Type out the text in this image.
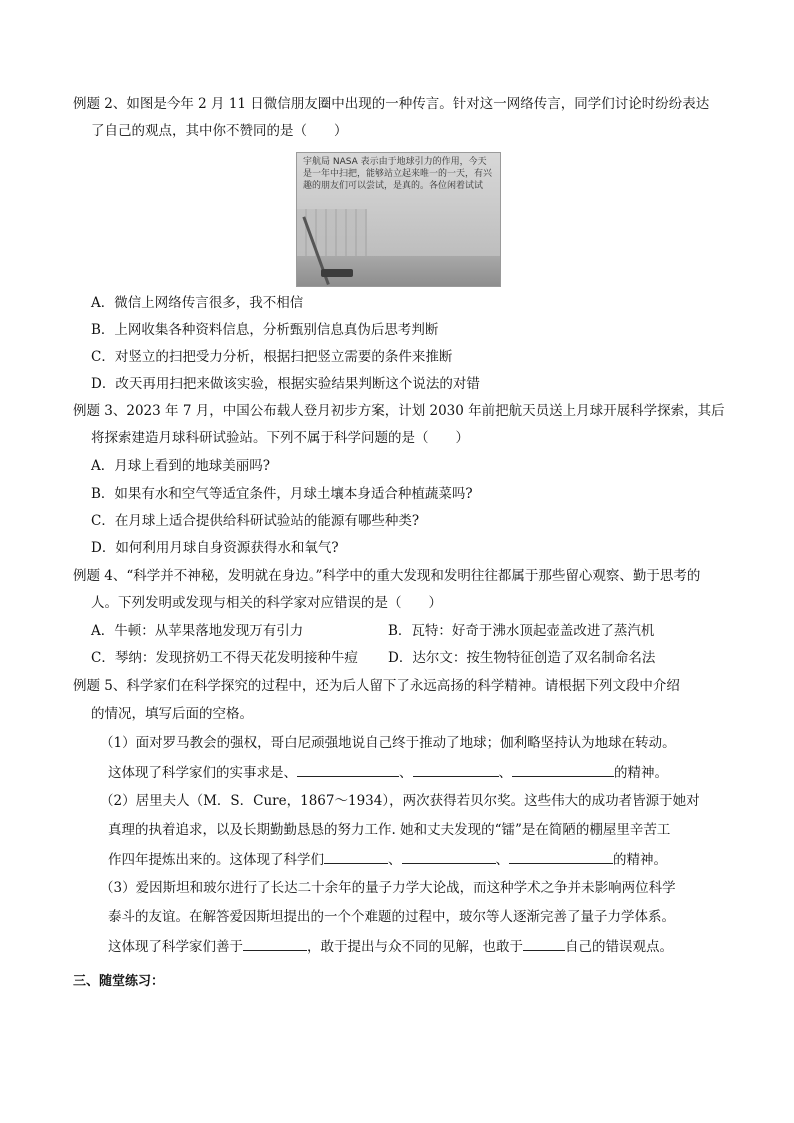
例题 2、如图是今年 2 月 11 日微信朋友圈中出现的一种传言。针对这一网络传言，同学们讨论时纷纷表达
了自己的观点，其中你不赞同的是（　　）
宇航局 NASA 表示由于地球引力的作用，今天是一年中扫把，能够站立起来唯一的一天，有兴趣的朋友们可以尝试，是真的。各位闲着试试
A．微信上网络传言很多，我不相信
B．上网收集各种资料信息，分析甄别信息真伪后思考判断
C．对竖立的扫把受力分析，根据扫把竖立需要的条件来推断
D．改天再用扫把来做该实验，根据实验结果判断这个说法的对错
例题 3、2023 年 7 月，中国公布载人登月初步方案，计划 2030 年前把航天员送上月球开展科学探索，其后
将探索建造月球科研试验站。下列不属于科学问题的是（　　）
A．月球上看到的地球美丽吗?
B．如果有水和空气等适宜条件，月球土壤本身适合种植蔬菜吗?
C．在月球上适合提供给科研试验站的能源有哪些种类?
D．如何利用月球自身资源获得水和氧气?
例题 4、“科学并不神秘，发明就在身边。”科学中的重大发现和发明往往都属于那些留心观察、勤于思考的
人。下列发明或发现与相关的科学家对应错误的是（　　）
A．牛顿：从苹果落地发现万有引力	B．瓦特：好奇于沸水顶起壶盖改进了蒸汽机
C．琴纳：发现挤奶工不得天花发明接种牛痘 D．达尔文：按生物特征创造了双名制命名法
例题 5、科学家们在科学探究的过程中，还为后人留下了永远高扬的科学精神。请根据下列文段中介绍
的情况，填写后面的空格。
（1）面对罗马教会的强权，哥白尼顽强地说自己终于推动了地球；伽利略坚持认为地球在转动。
这体现了科学家们的实事求是、	、	、	的精神。
（2）居里夫人（M．S．Cure，1867～1934），两次获得若贝尔奖。这些伟大的成功者皆源于她对
真理的执着追求，以及长期勤勤恳恳的努力工作. 她和丈夫发现的“镭”是在简陋的棚屋里辛苦工
作四年提炼出来的。这体现了科学们	、	、	的精神。
（3）爱因斯坦和玻尔进行了长达二十余年的量子力学大论战，而这种学术之争并未影响两位科学
泰斗的友谊。在解答爱因斯坦提出的一个个难题的过程中，玻尔等人逐渐完善了量子力学体系。
这体现了科学家们善于	，敢于提出与众不同的见解，也敢于	自己的错误观点。
三、随堂练习：
